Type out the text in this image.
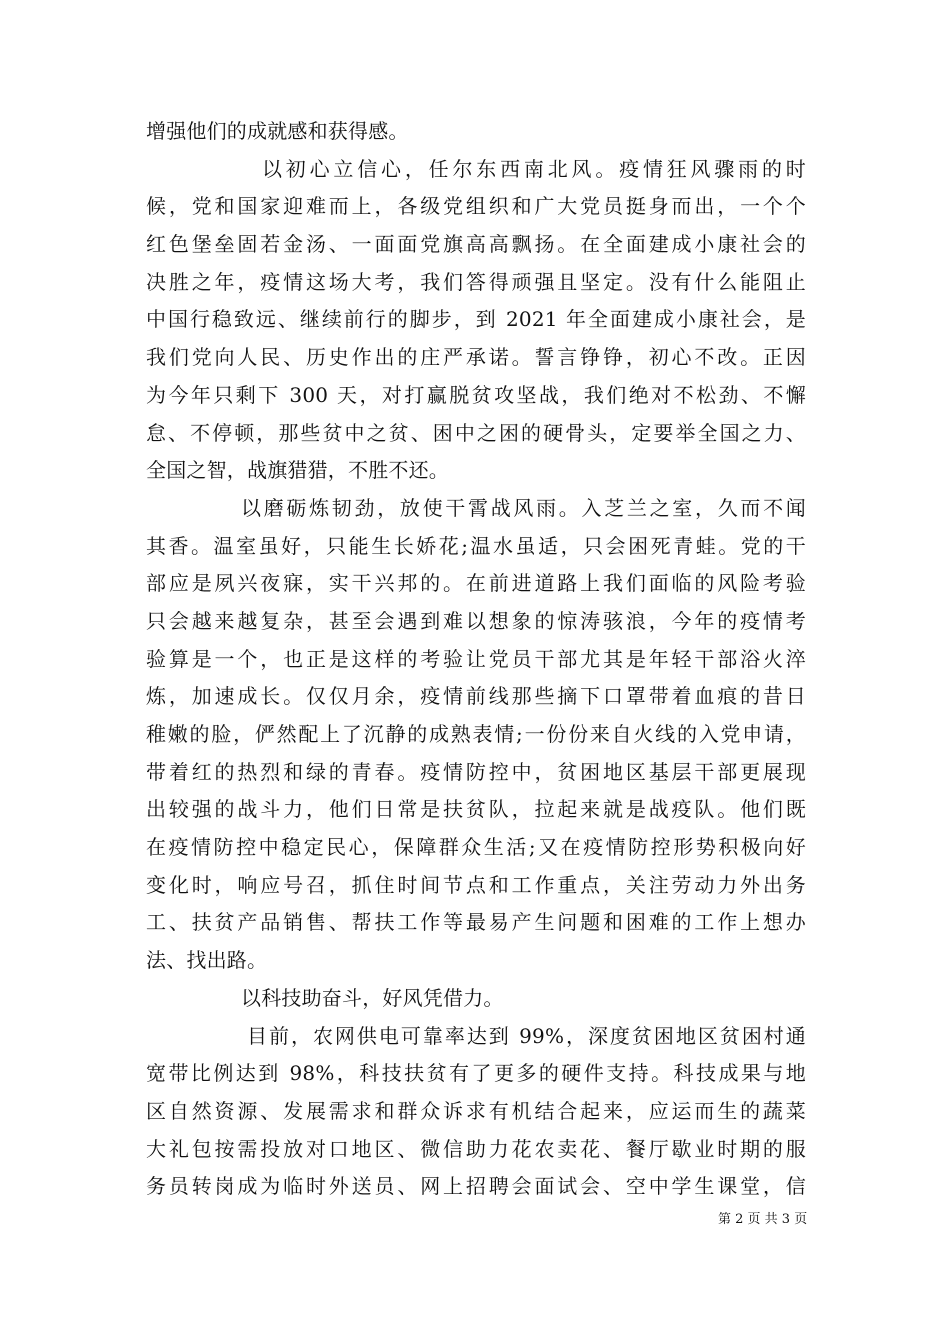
增强他们的成就感和获得感。
以初心立信心，任尔东西南北风。疫情狂风骤雨的时
候，党和国家迎难而上，各级党组织和广大党员挺身而出，一个个
红色堡垒固若金汤、一面面党旗高高飘扬。在全面建成小康社会的
决胜之年，疫情这场大考，我们答得顽强且坚定。没有什么能阻止
中国行稳致远、继续前行的脚步，到 2021 年全面建成小康社会，是
我们党向人民、历史作出的庄严承诺。誓言铮铮，初心不改。正因
为今年只剩下 300 天，对打赢脱贫攻坚战，我们绝对不松劲、不懈
怠、不停顿，那些贫中之贫、困中之困的硬骨头，定要举全国之力、
全国之智，战旗猎猎，不胜不还。
以磨砺炼韧劲，放使干霄战风雨。入芝兰之室，久而不闻
其香。温室虽好，只能生长娇花;温水虽适，只会困死青蛙。党的干
部应是夙兴夜寐，实干兴邦的。在前进道路上我们面临的风险考验
只会越来越复杂，甚至会遇到难以想象的惊涛骇浪，今年的疫情考
验算是一个，也正是这样的考验让党员干部尤其是年轻干部浴火淬
炼，加速成长。仅仅月余，疫情前线那些摘下口罩带着血痕的昔日
稚嫩的脸，俨然配上了沉静的成熟表情;一份份来自火线的入党申请，
带着红的热烈和绿的青春。疫情防控中，贫困地区基层干部更展现
出较强的战斗力，他们日常是扶贫队，拉起来就是战疫队。他们既
在疫情防控中稳定民心，保障群众生活;又在疫情防控形势积极向好
变化时，响应号召，抓住时间节点和工作重点，关注劳动力外出务
工、扶贫产品销售、帮扶工作等最易产生问题和困难的工作上想办
法、找出路。
以科技助奋斗，好风凭借力。
目前，农网供电可靠率达到 99%，深度贫困地区贫困村通
宽带比例达到 98%，科技扶贫有了更多的硬件支持。科技成果与地
区自然资源、发展需求和群众诉求有机结合起来，应运而生的蔬菜
大礼包按需投放对口地区、微信助力花农卖花、餐厅歇业时期的服
务员转岗成为临时外送员、网上招聘会面试会、空中学生课堂，信
第 2 页 共 3 页
